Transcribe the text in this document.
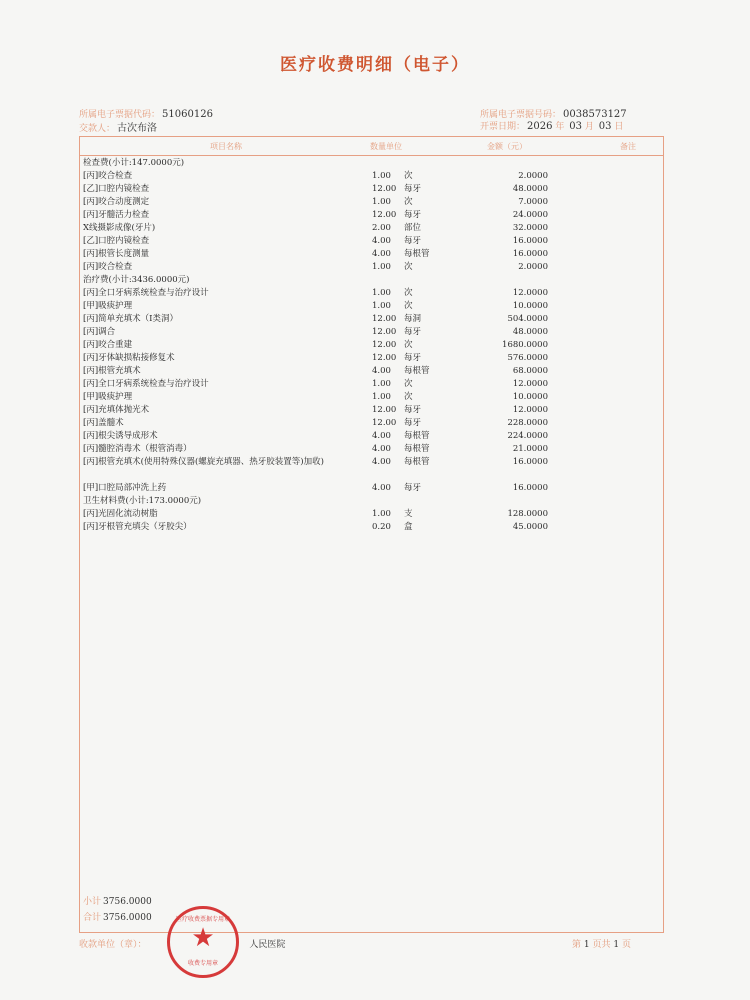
医疗收费明细（电子）
所属电子票据代码： 51060126
交款人： 古次布洛
所属电子票据号码： 0038573127
开票日期： 2026 年 03 月 03 日
项目名称	数量单位	金额（元）	备注
检查费(小计:147.0000元)
[丙]咬合检查	1.00 次	2.0000
[乙]口腔内镜检查	12.00 每牙	48.0000
[丙]咬合动度测定	1.00 次	7.0000
[丙]牙髓活力检查	12.00 每牙	24.0000
X线摄影成像(牙片)	2.00 部位	32.0000
[乙]口腔内镜检查	4.00 每牙	16.0000
[丙]根管长度测量	4.00 每根管	16.0000
[丙]咬合检查	1.00 次	2.0000
治疗费(小计:3436.0000元)
[丙]全口牙病系统检查与治疗设计	1.00 次	12.0000
[甲]吸痰护理	1.00 次	10.0000
[丙]简单充填术（I类洞）	12.00 每洞	504.0000
[丙]调合	12.00 每牙	48.0000
[丙]咬合重建	12.00 次	1680.0000
[丙]牙体缺损粘接修复术	12.00 每牙	576.0000
[丙]根管充填术	4.00 每根管	68.0000
[丙]全口牙病系统检查与治疗设计	1.00 次	12.0000
[甲]吸痰护理	1.00 次	10.0000
[丙]充填体抛光术	12.00 每牙	12.0000
[丙]盖髓术	12.00 每牙	228.0000
[丙]根尖诱导成形术	4.00 每根管	224.0000
[丙]髓腔消毒术（根管消毒）	4.00 每根管	21.0000
[丙]根管充填术(使用特殊仪器(螺旋充填器、热牙胶装置等)加收)	4.00 每根管	16.0000
[甲]口腔局部冲洗上药	4.00 每牙	16.0000
卫生材料费(小计:173.0000元)
[丙]光固化流动树脂	1.00 支	128.0000
[丙]牙根管充填尖（牙胶尖）	0.20 盒	45.0000
小计 3756.0000
合计 3756.0000
收款单位（章）：	人民医院	第 1 页共 1 页
医疗收费票据专用章
★
收费专用章
